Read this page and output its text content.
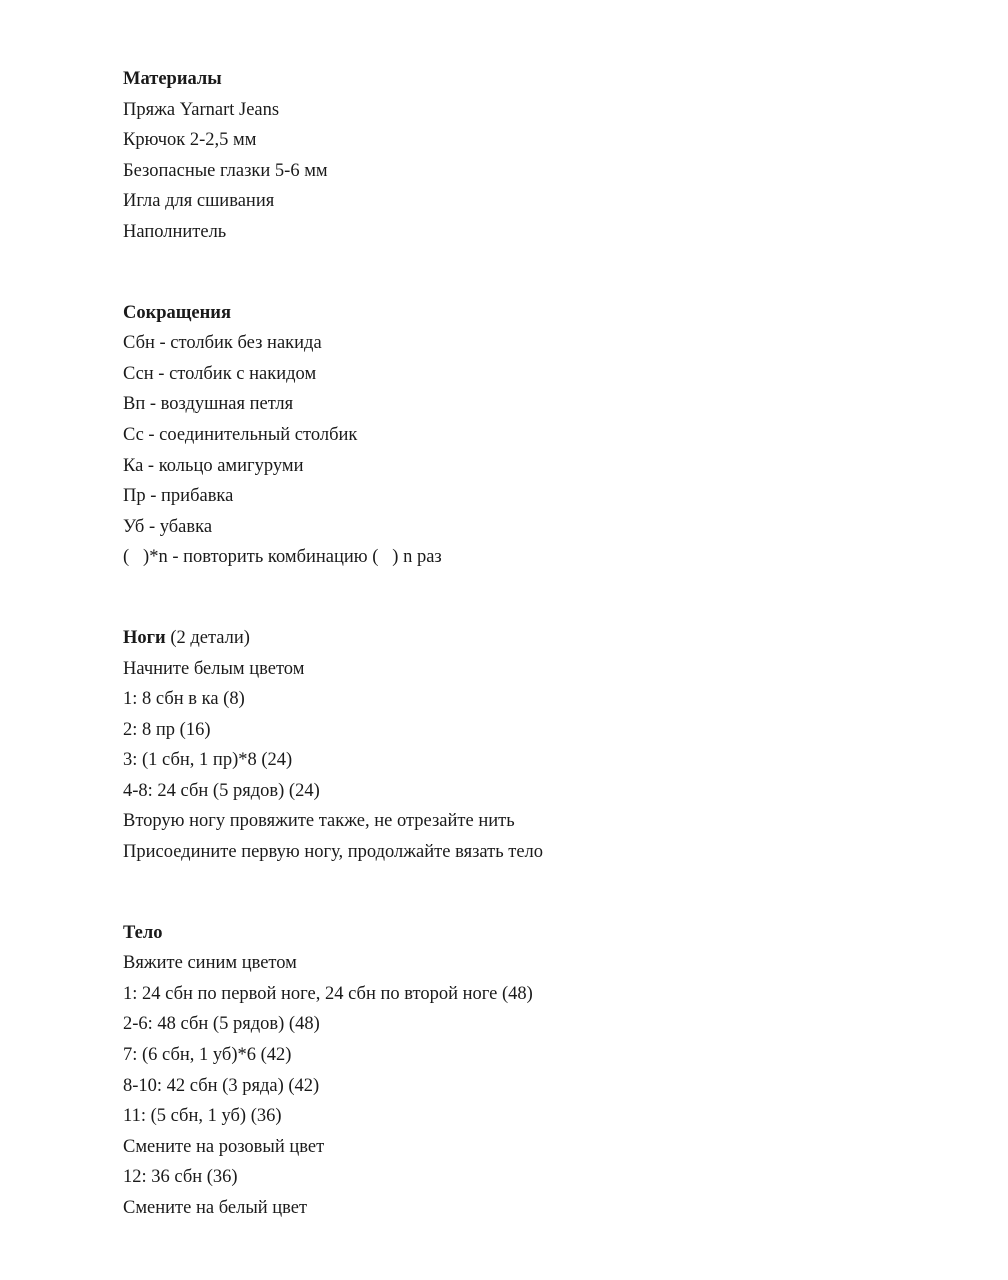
Материалы
Пряжа Yarnart Jeans
Крючок 2-2,5 мм
Безопасные глазки 5-6 мм
Игла для сшивания
Наполнитель
Сокращения
Сбн - столбик без накида
Ссн - столбик с накидом
Вп - воздушная петля
Сс - соединительный столбик
Ка - кольцо амигуруми
Пр - прибавка
Уб - убавка
(   )*n - повторить комбинацию (   ) n раз
Ноги (2 детали)
Начните белым цветом
1: 8 сбн в ка (8)
2: 8 пр (16)
3: (1 сбн, 1 пр)*8 (24)
4-8: 24 сбн (5 рядов) (24)
Вторую ногу провяжите также, не отрезайте нить
Присоедините первую ногу, продолжайте вязать тело
Тело
Вяжите синим цветом
1: 24 сбн по первой ноге, 24 сбн по второй ноге (48)
2-6: 48 сбн (5 рядов) (48)
7: (6 сбн, 1 уб)*6 (42)
8-10: 42 сбн (3 ряда) (42)
11: (5 сбн, 1 уб) (36)
Смените на розовый цвет
12: 36 сбн (36)
Смените на белый цвет
